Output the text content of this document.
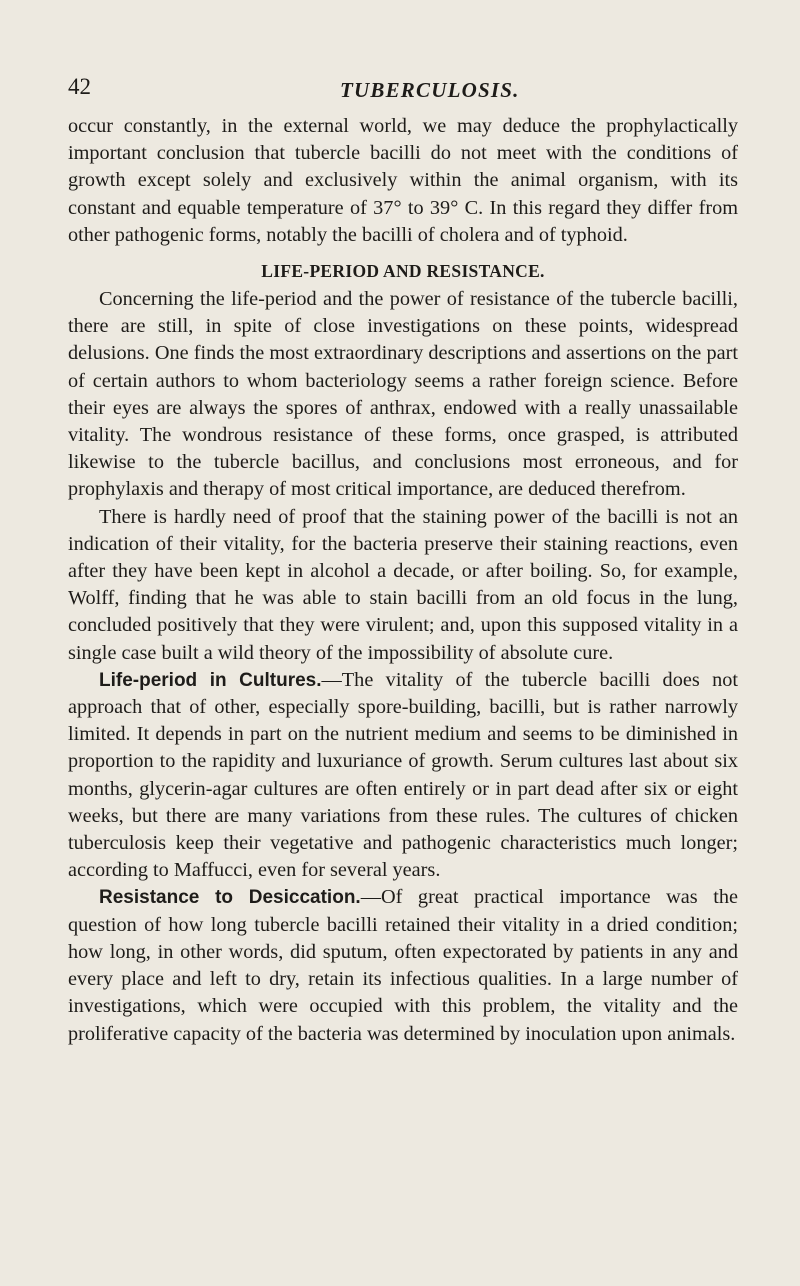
42	TUBERCULOSIS.

occur constantly, in the external world, we may deduce the prophylactically important conclusion that tubercle bacilli do not meet with the conditions of growth except solely and exclusively within the animal organism, with its constant and equable temperature of 37° to 39° C. In this regard they differ from other pathogenic forms, notably the bacilli of cholera and of typhoid.

LIFE-PERIOD AND RESISTANCE.

Concerning the life-period and the power of resistance of the tubercle bacilli, there are still, in spite of close investigations on these points, widespread delusions. One finds the most extraordinary descriptions and assertions on the part of certain authors to whom bacteriology seems a rather foreign science. Before their eyes are always the spores of anthrax, endowed with a really unassailable vitality. The wondrous resistance of these forms, once grasped, is attributed likewise to the tubercle bacillus, and conclusions most erroneous, and for prophylaxis and therapy of most critical importance, are deduced therefrom.

There is hardly need of proof that the staining power of the bacilli is not an indication of their vitality, for the bacteria preserve their staining reactions, even after they have been kept in alcohol a decade, or after boiling. So, for example, Wolff, finding that he was able to stain bacilli from an old focus in the lung, concluded positively that they were virulent; and, upon this supposed vitality in a single case built a wild theory of the impossibility of absolute cure.

Life-period in Cultures.—The vitality of the tubercle bacilli does not approach that of other, especially spore-building, bacilli, but is rather narrowly limited. It depends in part on the nutrient medium and seems to be diminished in proportion to the rapidity and luxuriance of growth. Serum cultures last about six months, glycerin-agar cultures are often entirely or in part dead after six or eight weeks, but there are many variations from these rules. The cultures of chicken tuberculosis keep their vegetative and pathogenic characteristics much longer; according to Maffucci, even for several years.

Resistance to Desiccation.—Of great practical importance was the question of how long tubercle bacilli retained their vitality in a dried condition; how long, in other words, did sputum, often expectorated by patients in any and every place and left to dry, retain its infectious qualities. In a large number of investigations, which were occupied with this problem, the vitality and the proliferative capacity of the bacteria was determined by inoculation upon animals.
